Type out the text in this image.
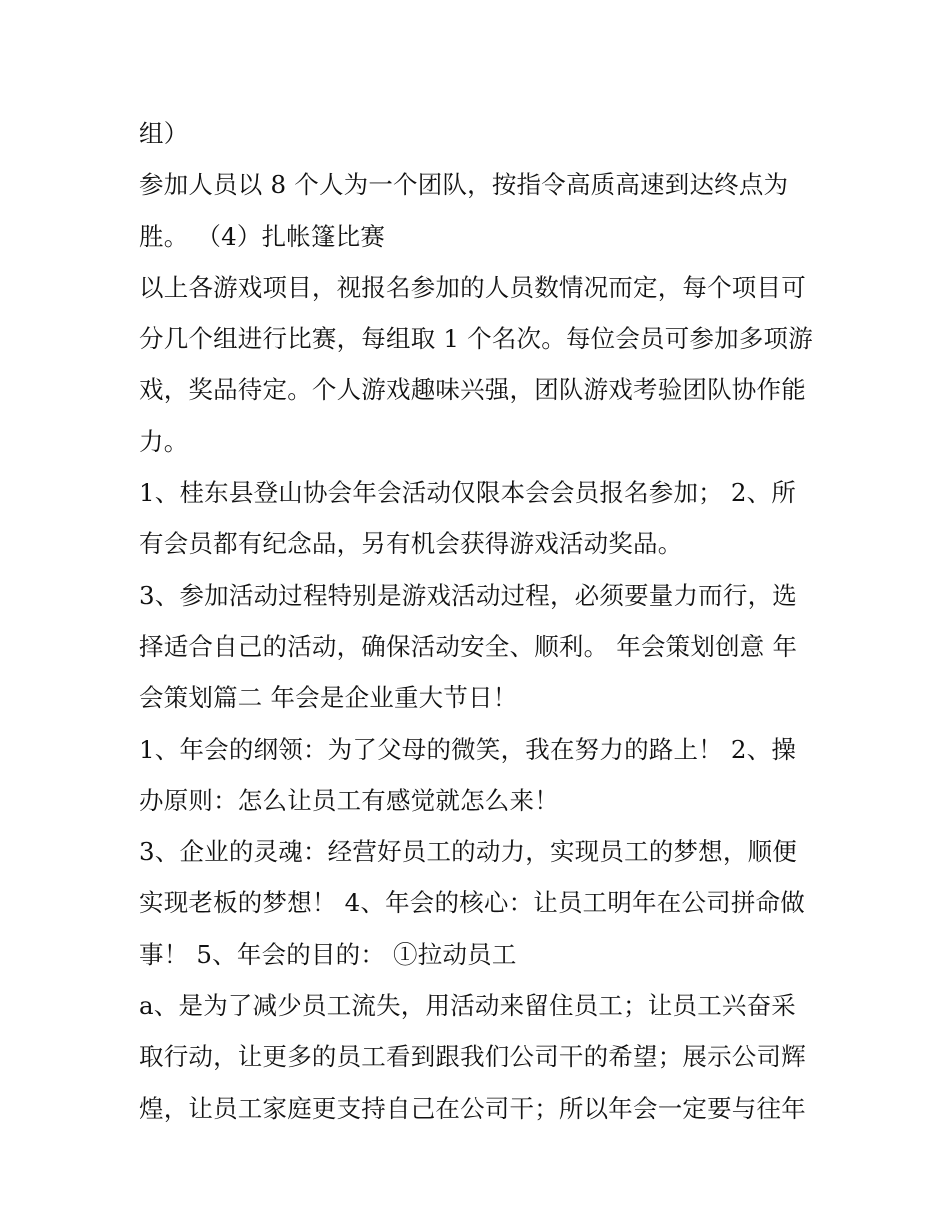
组）
参加人员以 8 个人为一个团队，按指令高质高速到达终点为
胜。 （4）扎帐篷比赛
以上各游戏项目，视报名参加的人员数情况而定，每个项目可
分几个组进行比赛，每组取 1 个名次。每位会员可参加多项游
戏，奖品待定。个人游戏趣味兴强，团队游戏考验团队协作能
力。
1、桂东县登山协会年会活动仅限本会会员报名参加； 2、所
有会员都有纪念品，另有机会获得游戏活动奖品。
3、参加活动过程特别是游戏活动过程，必须要量力而行，选
择适合自己的活动，确保活动安全、顺利。 年会策划创意 年
会策划篇二 年会是企业重大节日！
1、年会的纲领：为了父母的微笑，我在努力的路上！ 2、操
办原则：怎么让员工有感觉就怎么来！
3、企业的灵魂：经营好员工的动力，实现员工的梦想，顺便
实现老板的梦想！ 4、年会的核心：让员工明年在公司拼命做
事！ 5、年会的目的： ①拉动员工
a、是为了减少员工流失，用活动来留住员工；让员工兴奋采
取行动，让更多的员工看到跟我们公司干的希望；展示公司辉
煌，让员工家庭更支持自己在公司干；所以年会一定要与往年
